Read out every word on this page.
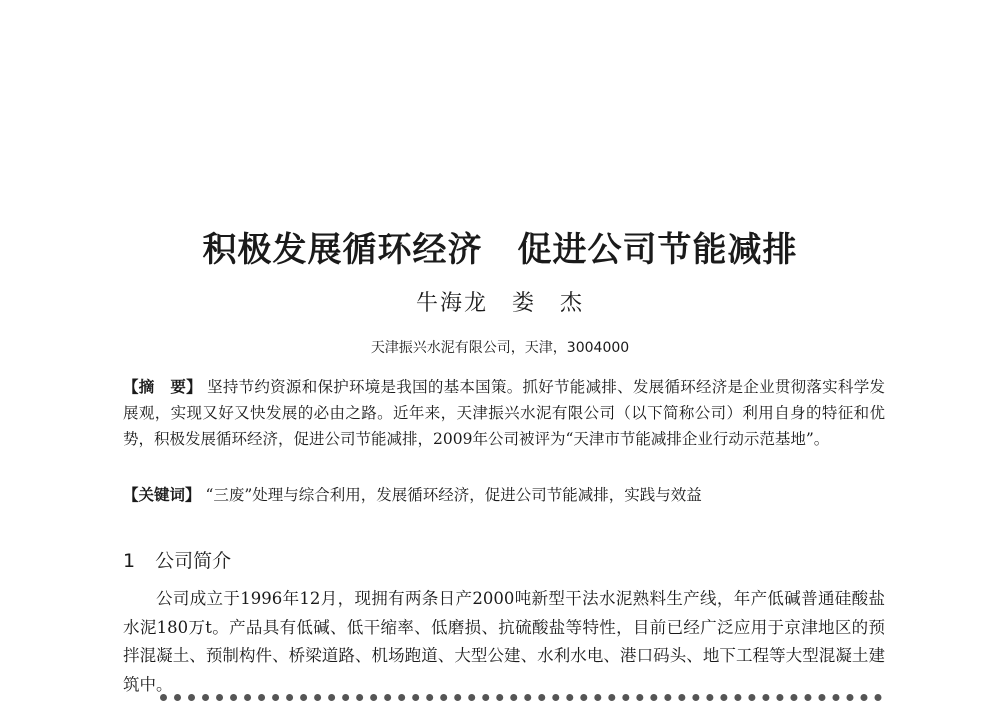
积极发展循环经济　促进公司节能减排
牛海龙　娄　杰
天津振兴水泥有限公司，天津，3004000
【摘　要】 坚持节约资源和保护环境是我国的基本国策。抓好节能减排、发展循环经济是企业贯彻落实科学发展观，实现又好又快发展的必由之路。近年来，天津振兴水泥有限公司（以下简称公司）利用自身的特征和优势，积极发展循环经济，促进公司节能减排，2009年公司被评为“天津市节能减排企业行动示范基地”。
【关键词】 “三废”处理与综合利用，发展循环经济，促进公司节能减排，实践与效益
1 公司简介
公司成立于1996年12月，现拥有两条日产2000吨新型干法水泥熟料生产线，年产低碱普通硅酸盐水泥180万t。产品具有低碱、低干缩率、低磨损、抗硫酸盐等特性，目前已经广泛应用于京津地区的预拌混凝土、预制构件、桥梁道路、机场跑道、大型公建、水利水电、港口码头、地下工程等大型混凝土建筑中。
